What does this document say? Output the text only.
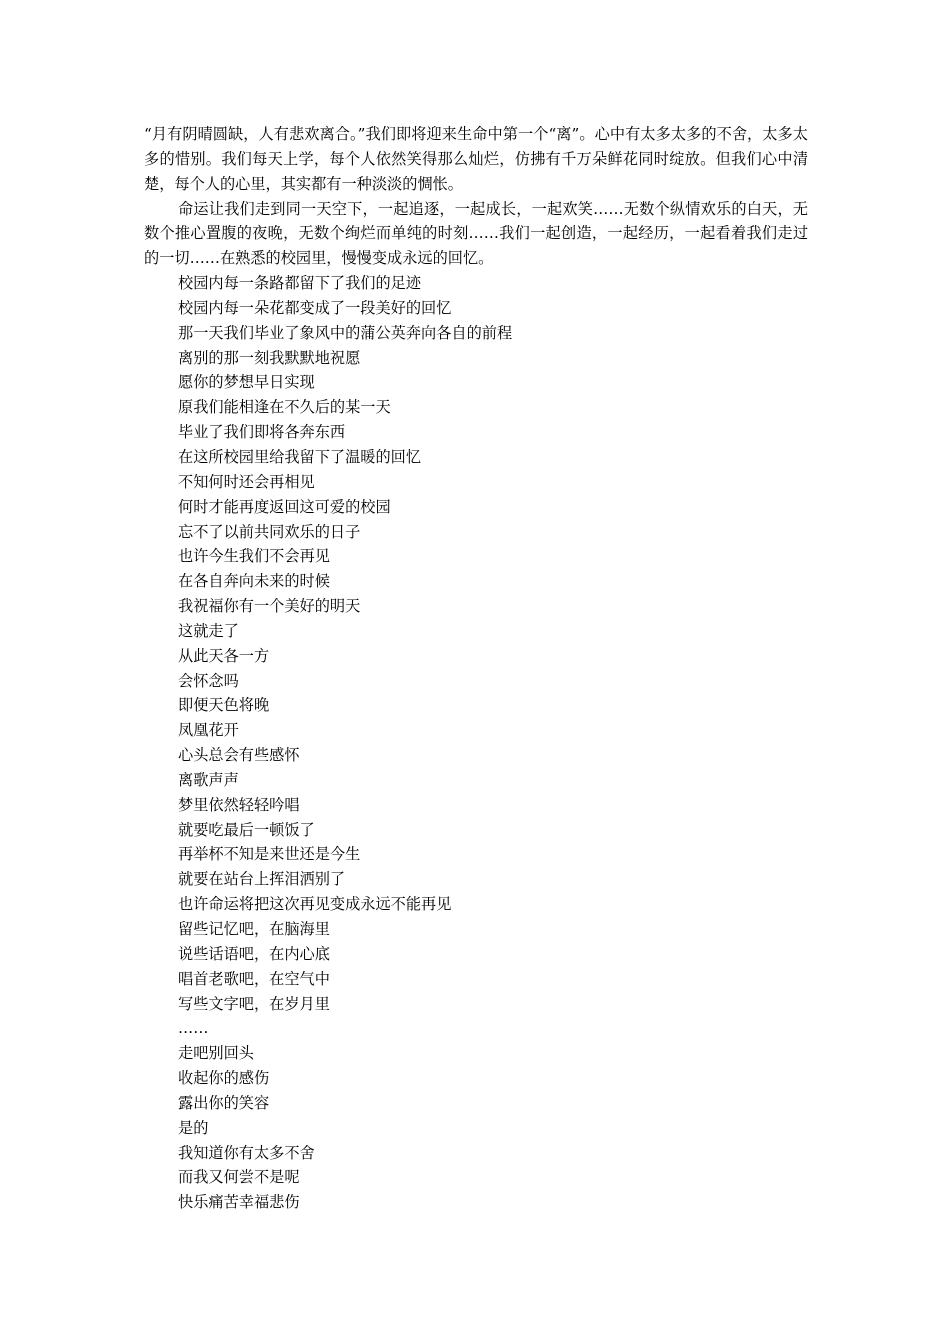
“月有阴晴圆缺，人有悲欢离合。”我们即将迎来生命中第一个“离”。心中有太多太多的不舍，太多太多的惜别。我们每天上学，每个人依然笑得那么灿烂，仿拂有千万朵鲜花同时绽放。但我们心中清楚，每个人的心里，其实都有一种淡淡的惆怅。

命运让我们走到同一天空下，一起追逐，一起成长，一起欢笑……无数个纵情欢乐的白天，无数个推心置腹的夜晚，无数个绚烂而单纯的时刻……我们一起创造，一起经历，一起看着我们走过的一切……在熟悉的校园里，慢慢变成永远的回忆。

校园内每一条路都留下了我们的足迹
校园内每一朵花都变成了一段美好的回忆
那一天我们毕业了象风中的蒲公英奔向各自的前程
离别的那一刻我默默地祝愿
愿你的梦想早日实现
原我们能相逢在不久后的某一天
毕业了我们即将各奔东西
在这所校园里给我留下了温暖的回忆
不知何时还会再相见
何时才能再度返回这可爱的校园
忘不了以前共同欢乐的日子
也许今生我们不会再见
在各自奔向未来的时候
我祝福你有一个美好的明天
这就走了
从此天各一方
会怀念吗
即便天色将晚
凤凰花开
心头总会有些感怀
离歌声声
梦里依然轻轻吟唱
就要吃最后一顿饭了
再举杯不知是来世还是今生
就要在站台上挥泪洒别了
也许命运将把这次再见变成永远不能再见
留些记忆吧，在脑海里
说些话语吧，在内心底
唱首老歌吧，在空气中
写些文字吧，在岁月里
……
走吧别回头
收起你的感伤
露出你的笑容
是的
我知道你有太多不舍
而我又何尝不是呢
快乐痛苦幸福悲伤
